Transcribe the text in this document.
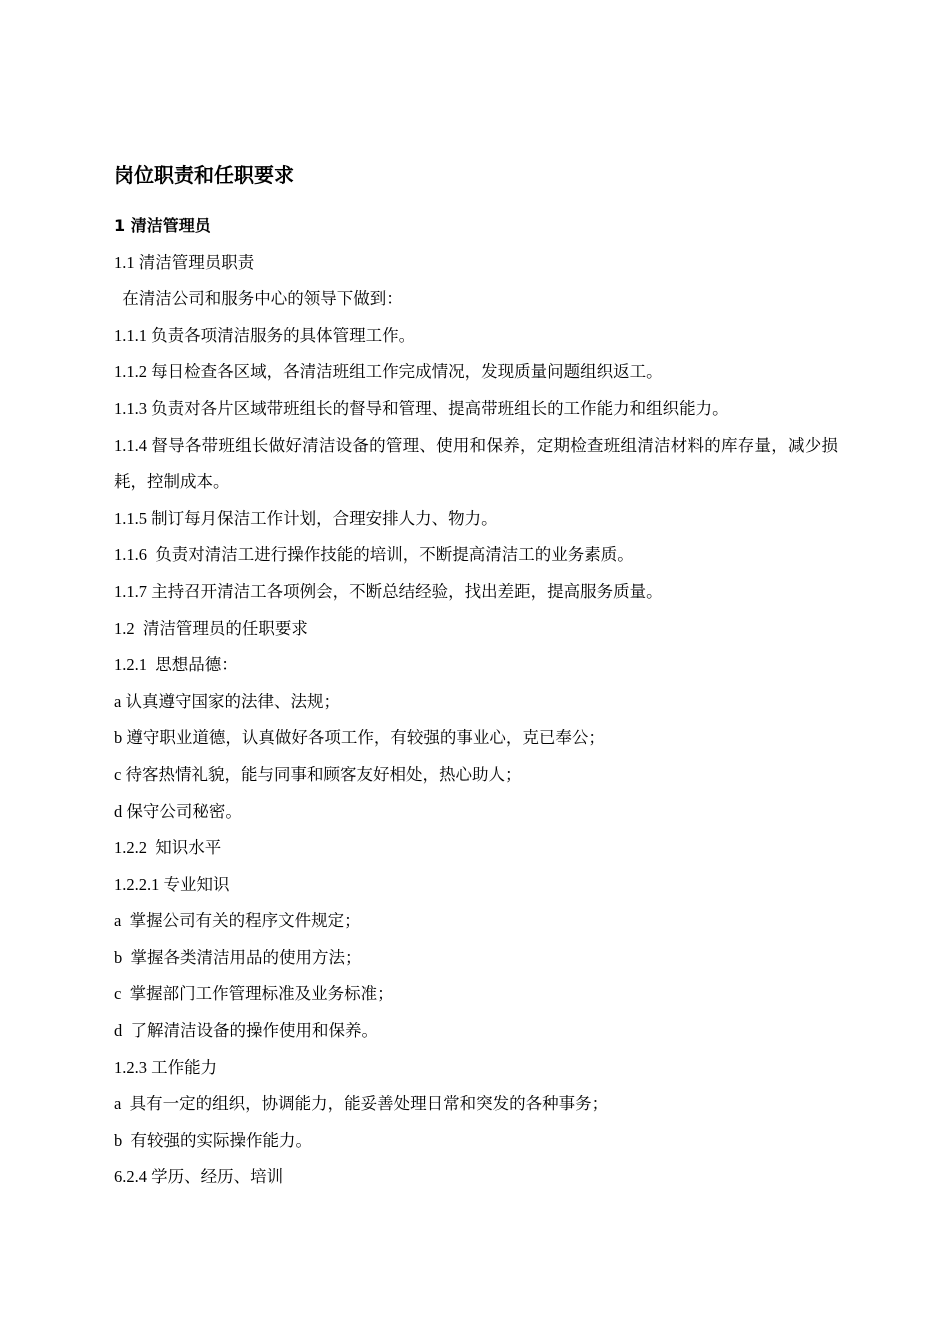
岗位职责和任职要求
1 清洁管理员
1.1 清洁管理员职责
在清洁公司和服务中心的领导下做到：
1.1.1 负责各项清洁服务的具体管理工作。
1.1.2 每日检查各区域，各清洁班组工作完成情况，发现质量问题组织返工。
1.1.3 负责对各片区域带班组长的督导和管理、提高带班组长的工作能力和组织能力。
1.1.4 督导各带班组长做好清洁设备的管理、使用和保养，定期检查班组清洁材料的库存量，减少损耗，控制成本。
1.1.5 制订每月保洁工作计划，合理安排人力、物力。
1.1.6  负责对清洁工进行操作技能的培训，不断提高清洁工的业务素质。
1.1.7 主持召开清洁工各项例会，不断总结经验，找出差距，提高服务质量。
1.2  清洁管理员的任职要求
1.2.1  思想品德：
a 认真遵守国家的法律、法规；
b 遵守职业道德，认真做好各项工作，有较强的事业心，克已奉公；
c 待客热情礼貌，能与同事和顾客友好相处，热心助人；
d 保守公司秘密。
1.2.2  知识水平
1.2.2.1 专业知识
a  掌握公司有关的程序文件规定；
b  掌握各类清洁用品的使用方法；
c  掌握部门工作管理标准及业务标准；
d  了解清洁设备的操作使用和保养。
1.2.3 工作能力
a  具有一定的组织，协调能力，能妥善处理日常和突发的各种事务；
b  有较强的实际操作能力。
6.2.4 学历、经历、培训
